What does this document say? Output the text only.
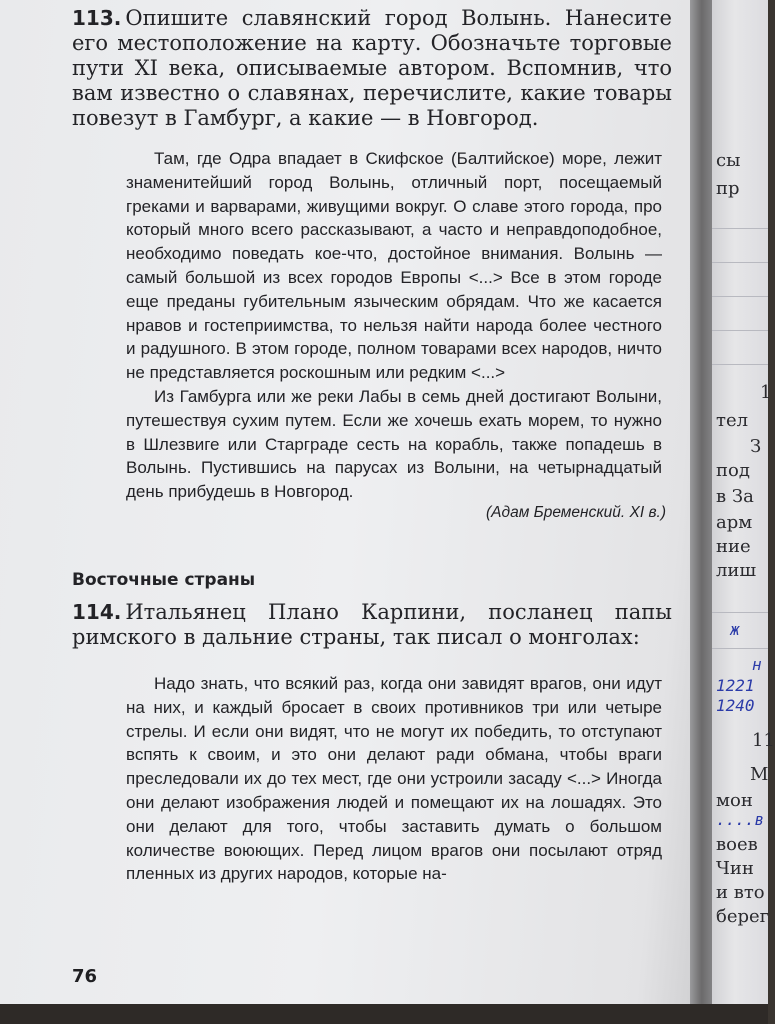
113. Опишите славянский город Волынь. Нанесите его местоположение на карту. Обозначьте торговые пути XI века, описываемые автором. Вспомнив, что вам известно о славянах, перечислите, какие товары повезут в Гамбург, а какие — в Новгород.

Там, где Одра впадает в Скифское (Балтийское) море, лежит знаменитейший город Волынь, отличный порт, посещаемый греками и варварами, живущими вокруг. О славе этого города, про который много всего рассказывают, а часто и неправдоподобное, необходимо поведать кое-что, достойное внимания. Волынь — самый большой из всех городов Европы <...> Все в этом городе еще преданы губительным языческим обрядам. Что же касается нравов и гостеприимства, то нельзя найти народа более честного и радушного. В этом городе, полном товарами всех народов, ничто не представляется роскошным или редким <...>

Из Гамбурга или же реки Лабы в семь дней достигают Волыни, путешествуя сухим путем. Если же хочешь ехать морем, то нужно в Шлезвиге или Старграде сесть на корабль, также попадешь в Волынь. Пустившись на парусах из Волыни, на четырнадцатый день прибудешь в Новгород.

(Адам Бременский. XI в.)

Восточные страны

114. Итальянец Плано Карпини, посланец папы римского в дальние страны, так писал о монголах:

Надо знать, что всякий раз, когда они завидят врагов, они идут на них, и каждый бросает в своих противников три или четыре стрелы. И если они видят, что не могут их победить, то отступают вспять к своим, и это они делают ради обмана, чтобы враги преследовали их до тех мест, где они устроили засаду <...> Иногда они делают изображения людей и помещают их на лошадях. Это они делают для того, чтобы заставить думать о большом количестве воюющих. Перед лицом врагов они посылают отряд пленных из других народов, которые на-

76
сы
пр
1
тел
З
под
в За
арм
ние
лиш
ж
н
1221
1240
11
М
мон
....в
воев
Чин
и вто
берег
